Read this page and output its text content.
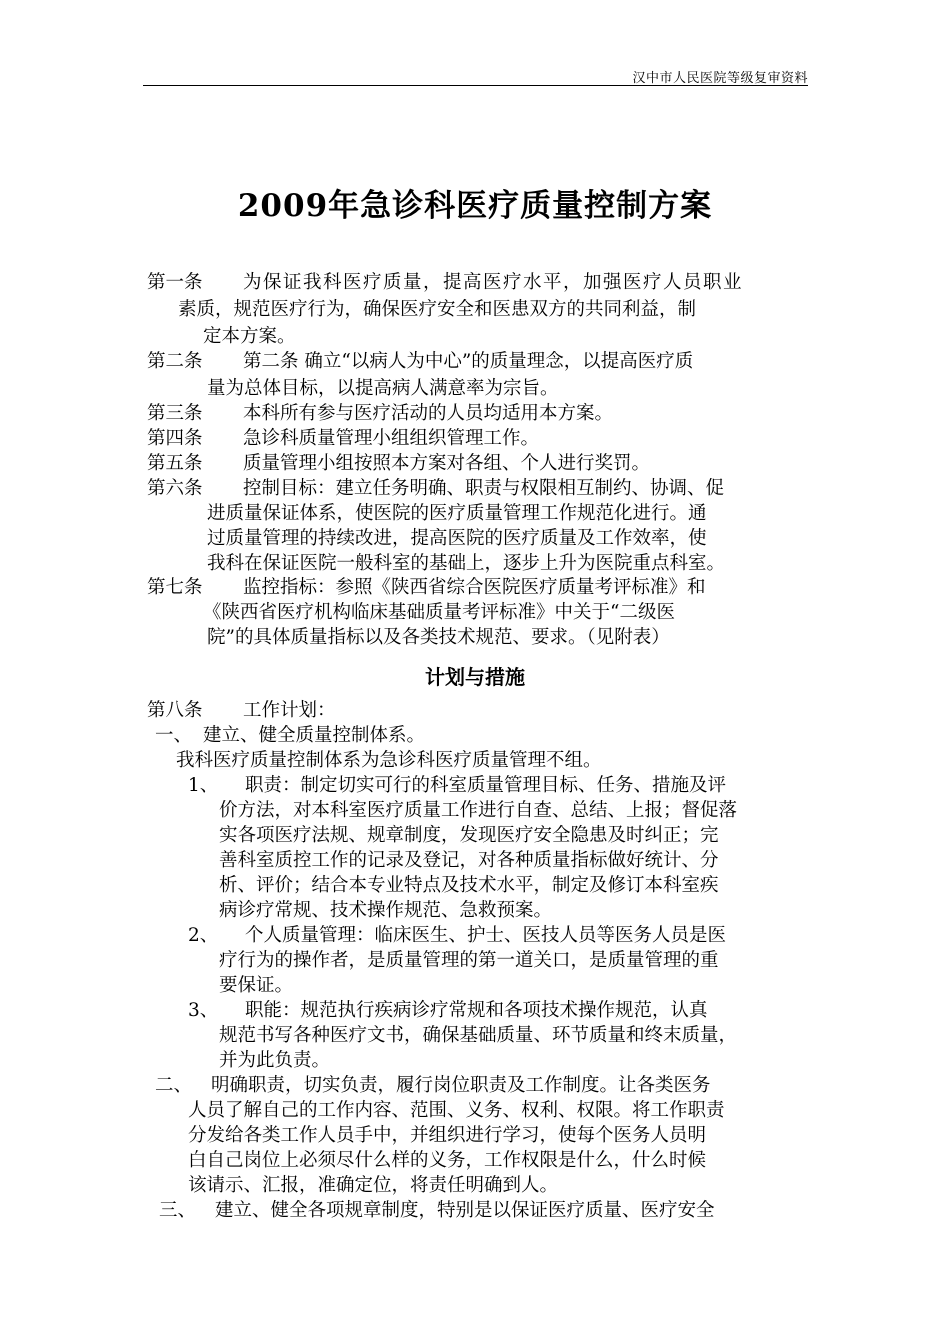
汉中市人民医院等级复审资料
2009年急诊科医疗质量控制方案
第一条 为保证我科医疗质量，提高医疗水平，加强医疗人员职业
素质，规范医疗行为，确保医疗安全和医患双方的共同利益，制
定本方案。
第二条 第二条 确立“以病人为中心”的质量理念，以提高医疗质
量为总体目标，以提高病人满意率为宗旨。
第三条 本科所有参与医疗活动的人员均适用本方案。
第四条 急诊科质量管理小组组织管理工作。
第五条 质量管理小组按照本方案对各组、个人进行奖罚。
第六条 控制目标：建立任务明确、职责与权限相互制约、协调、促
进质量保证体系，使医院的医疗质量管理工作规范化进行。通
过质量管理的持续改进，提高医院的医疗质量及工作效率，使
我科在保证医院一般科室的基础上，逐步上升为医院重点科室。
第七条 监控指标：参照《陕西省综合医院医疗质量考评标准》和
《陕西省医疗机构临床基础质量考评标准》中关于“二级医
院”的具体质量指标以及各类技术规范、要求。（见附表）
计划与措施
第八条 工作计划：
一、 建立、健全质量控制体系。
我科医疗质量控制体系为急诊科医疗质量管理不组。
1、 职责：制定切实可行的科室质量管理目标、任务、措施及评
价方法，对本科室医疗质量工作进行自查、总结、上报；督促落
实各项医疗法规、规章制度，发现医疗安全隐患及时纠正；完
善科室质控工作的记录及登记，对各种质量指标做好统计、分
析、评价；结合本专业特点及技术水平，制定及修订本科室疾
病诊疗常规、技术操作规范、急救预案。
2、 个人质量管理：临床医生、护士、医技人员等医务人员是医
疗行为的操作者，是质量管理的第一道关口，是质量管理的重
要保证。
3、 职能：规范执行疾病诊疗常规和各项技术操作规范，认真
规范书写各种医疗文书，确保基础质量、环节质量和终末质量，
并为此负责。
二、 明确职责，切实负责，履行岗位职责及工作制度。让各类医务
人员了解自己的工作内容、范围、义务、权利、权限。将工作职责
分发给各类工作人员手中，并组织进行学习，使每个医务人员明
白自己岗位上必须尽什么样的义务，工作权限是什么，什么时候
该请示、汇报，准确定位，将责任明确到人。
三、 建立、健全各项规章制度，特别是以保证医疗质量、医疗安全
